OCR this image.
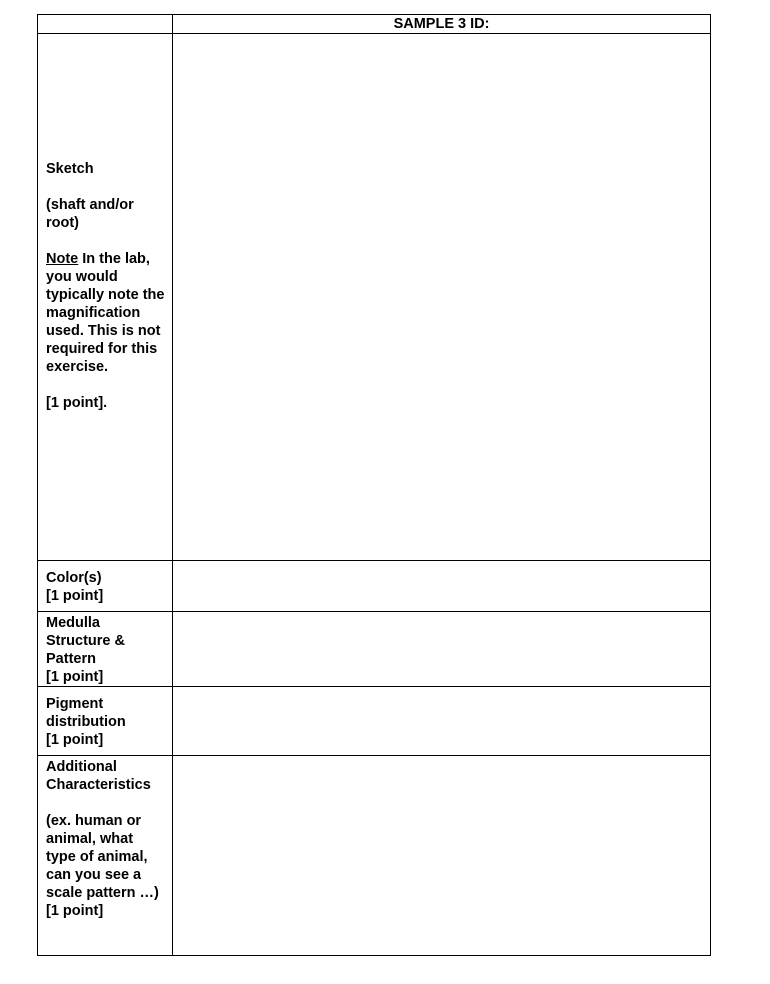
	SAMPLE 3 ID:

Sketch
(shaft and/or root)
Note In the lab, you would typically note the magnification used. This is not required for this exercise.
[1 point].	

Color(s)
[1 point]	

Medulla Structure & Pattern
[1 point]	

Pigment distribution
[1 point]	

Additional Characteristics
(ex. human or animal, what type of animal, can you see a scale pattern …)
[1 point]	
